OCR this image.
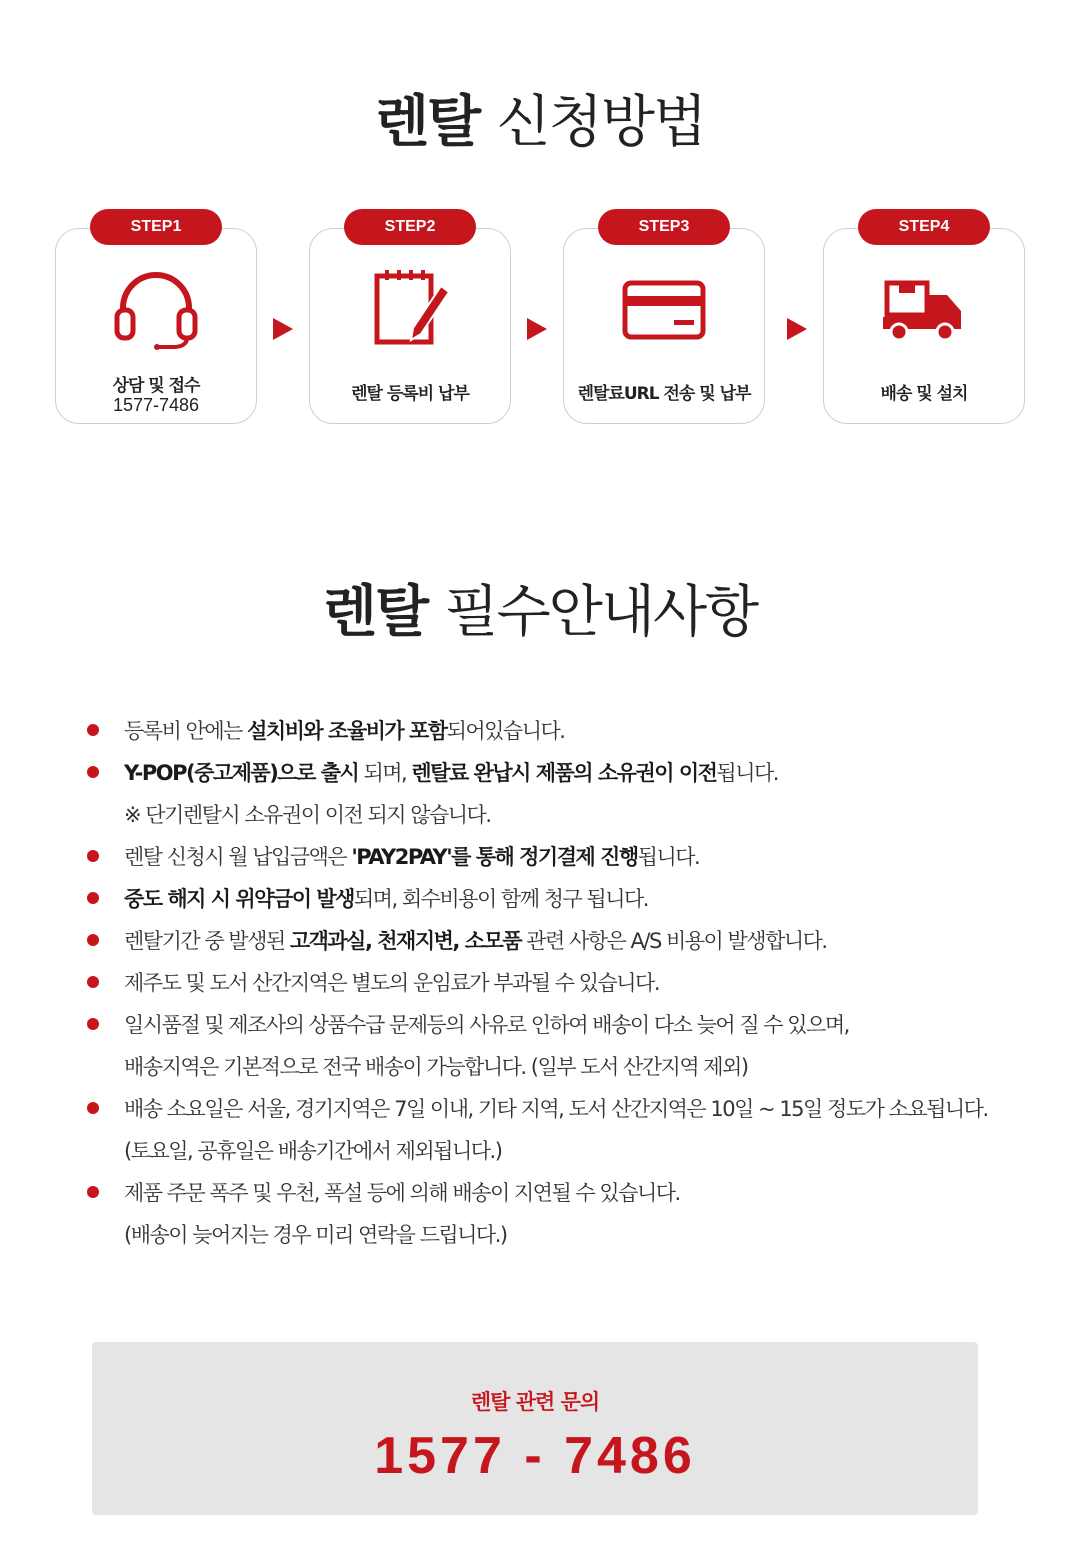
렌탈 신청방법
STEP1
상담 및 접수
1577-7486
STEP2
렌탈 등록비 납부
STEP3
렌탈료URL 전송 및 납부
STEP4
배송 및 설치
렌탈 필수안내사항
등록비 안에는 설치비와 조율비가 포함되어있습니다.
Y-POP(중고제품)으로 출시 되며, 렌탈료 완납시 제품의 소유권이 이전됩니다.
※ 단기렌탈시 소유권이 이전 되지 않습니다.
렌탈 신청시 월 납입금액은 'PAY2PAY'를 통해 정기결제 진행됩니다.
중도 해지 시 위약금이 발생되며, 회수비용이 함께 청구 됩니다.
렌탈기간 중 발생된 고객과실, 천재지변, 소모품 관련 사항은 A/S 비용이 발생합니다.
제주도 및 도서 산간지역은 별도의 운임료가 부과될 수 있습니다.
일시품절 및 제조사의 상품수급 문제등의 사유로 인하여 배송이 다소 늦어 질 수 있으며,
배송지역은 기본적으로 전국 배송이 가능합니다. (일부 도서 산간지역 제외)
배송 소요일은 서울, 경기지역은 7일 이내, 기타 지역, 도서 산간지역은 10일 ~ 15일 정도가 소요됩니다.
(토요일, 공휴일은 배송기간에서 제외됩니다.)
제품 주문 폭주 및 우천, 폭설 등에 의해 배송이 지연될 수 있습니다.
(배송이 늦어지는 경우 미리 연락을 드립니다.)
렌탈 관련 문의
1577 - 7486
